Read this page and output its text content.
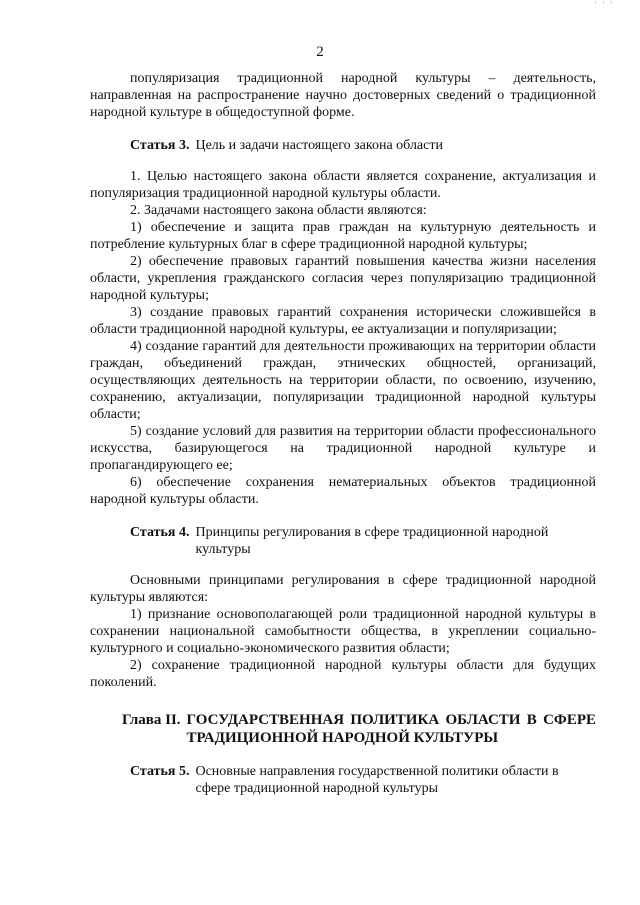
' ' '
2

популяризация традиционной народной культуры – деятельность, направленная на распространение научно достоверных сведений о традиционной народной культуре в общедоступной форме.

Статья 3. Цель и задачи настоящего закона области

1. Целью настоящего закона области является сохранение, актуализация и популяризация традиционной народной культуры области.

2. Задачами настоящего закона области являются:

1) обеспечение и защита прав граждан на культурную деятельность и потребление культурных благ в сфере традиционной народной культуры;

2) обеспечение правовых гарантий повышения качества жизни населения области, укрепления гражданского согласия через популяризацию традиционной народной культуры;

3) создание правовых гарантий сохранения исторически сложившейся в области традиционной народной культуры, ее актуализации и популяризации;

4) создание гарантий для деятельности проживающих на территории области граждан, объединений граждан, этнических общностей, организаций, осуществляющих деятельность на территории области, по освоению, изучению, сохранению, актуализации, популяризации традиционной народной культуры области;

5) создание условий для развития на территории области профессионального искусства, базирующегося на традиционной народной культуре и пропагандирующего ее;

6) обеспечение сохранения нематериальных объектов традиционной народной культуры области.

Статья 4. Принципы регулирования в сфере традиционной народной культуры

Основными принципами регулирования в сфере традиционной народной культуры являются:

1) признание основополагающей роли традиционной народной культуры в сохранении национальной самобытности общества, в укреплении социально-культурного и социально-экономического развития области;

2) сохранение традиционной народной культуры области для будущих поколений.

Глава II. ГОСУДАРСТВЕННАЯ ПОЛИТИКА ОБЛАСТИ В СФЕРЕ ТРАДИЦИОННОЙ НАРОДНОЙ КУЛЬТУРЫ
Статья 5. Основные направления государственной политики области в сфере традиционной народной культуры
